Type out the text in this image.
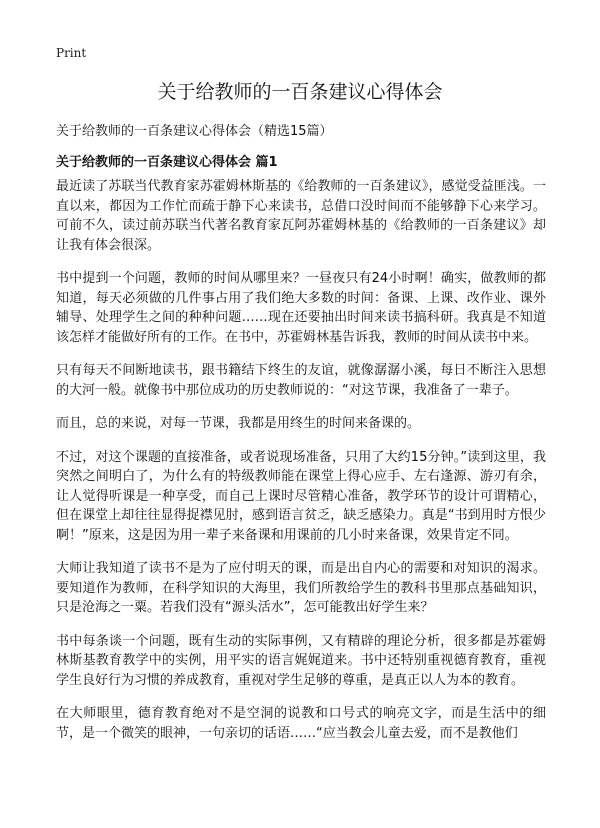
Print
关于给教师的一百条建议心得体会
关于给教师的一百条建议心得体会（精选15篇）
关于给教师的一百条建议心得体会 篇1

最近读了苏联当代教育家苏霍姆林斯基的《给教师的一百条建议》，感觉受益匪浅。一直以来，都因为工作忙而疏于静下心来读书，总借口没时间而不能够静下心来学习。可前不久，读过前苏联当代著名教育家瓦阿苏霍姆林基的《给教师的一百条建议》却让我有体会很深。

书中提到一个问题，教师的时间从哪里来？一昼夜只有24小时啊！确实，做教师的都知道，每天必须做的几件事占用了我们绝大多数的时间：备课、上课、改作业、课外辅导、处理学生之间的种种问题……现在还要抽出时间来读书搞科研。我真是不知道该怎样才能做好所有的工作。在书中，苏霍姆林基告诉我，教师的时间从读书中来。

只有每天不间断地读书，跟书籍结下终生的友谊，就像潺潺小溪，每日不断注入思想的大河一般。就像书中那位成功的历史教师说的：“对这节课，我准备了一辈子。

而且，总的来说，对每一节课，我都是用终生的时间来备课的。

不过，对这个课题的直接准备，或者说现场准备，只用了大约15分钟。”读到这里，我突然之间明白了，为什么有的特级教师能在课堂上得心应手、左右逢源、游刃有余，让人觉得听课是一种享受，而自己上课时尽管精心准备，教学环节的设计可谓精心，但在课堂上却往往显得捉襟见肘，感到语言贫乏，缺乏感染力。真是“书到用时方恨少啊！”原来，这是因为用一辈子来备课和用课前的几小时来备课，效果肯定不同。

大师让我知道了读书不是为了应付明天的课，而是出自内心的需要和对知识的渴求。要知道作为教师，在科学知识的大海里，我们所教给学生的教科书里那点基础知识，只是沧海之一粟。若我们没有“源头活水”，怎可能教出好学生来？

书中每条谈一个问题，既有生动的实际事例，又有精辟的理论分析，很多都是苏霍姆林斯基教育教学中的实例，用平实的语言娓娓道来。书中还特别重视德育教育，重视学生良好行为习惯的养成教育，重视对学生足够的尊重，是真正以人为本的教育。

在大师眼里，德育教育绝对不是空洞的说教和口号式的响亮文字，而是生活中的细节，是一个微笑的眼神，一句亲切的话语……“应当教会儿童去爱，而不是教他们
